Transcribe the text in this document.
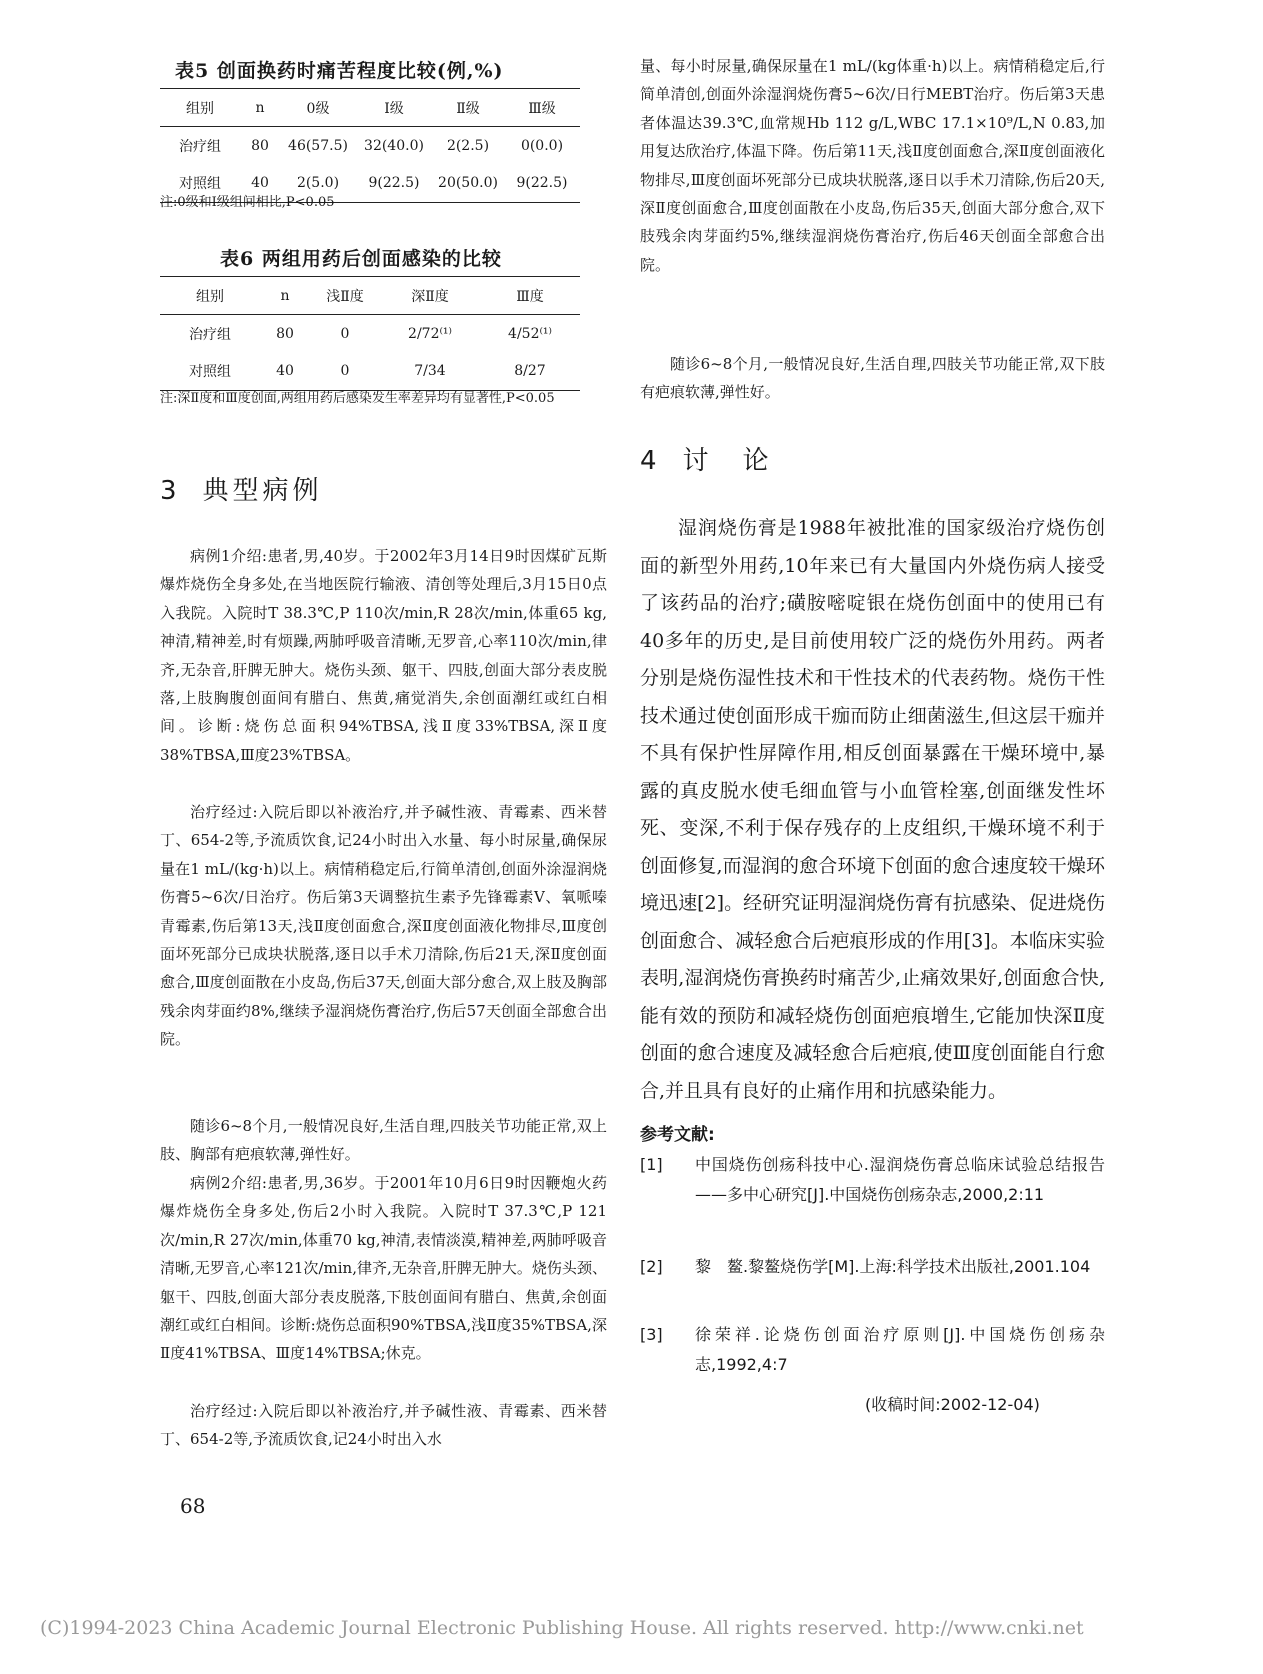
表5 创面换药时痛苦程度比较(例,%)
组别	n	0级	Ⅰ级	Ⅱ级	Ⅲ级
治疗组	80	46(57.5)	32(40.0)	2(2.5)	0(0.0)
对照组	40	2(5.0)	9(22.5)	20(50.0)	9(22.5)
注:0级和Ⅰ级组间相比,P<0.05
表6 两组用药后创面感染的比较
组别	n	浅Ⅱ度	深Ⅱ度	Ⅲ度
治疗组	80	0	2/72⁽¹⁾	4/52⁽¹⁾
对照组	40	0	7/34	8/27
注:深Ⅱ度和Ⅲ度创面,两组用药后感染发生率差异均有显著性,P<0.05
3 典型病例

病例1介绍:患者,男,40岁。于2002年3月14日9时因煤矿瓦斯爆炸烧伤全身多处,在当地医院行输液、清创等处理后,3月15日0点入我院。入院时T 38.3℃,P 110次/min,R 28次/min,体重65 kg,神清,精神差,时有烦躁,两肺呼吸音清晰,无罗音,心率110次/min,律齐,无杂音,肝脾无肿大。烧伤头颈、躯干、四肢,创面大部分表皮脱落,上肢胸腹创面间有腊白、焦黄,痛觉消失,余创面潮红或红白相间。诊断:烧伤总面积94%TBSA,浅Ⅱ度33%TBSA,深Ⅱ度38%TBSA,Ⅲ度23%TBSA。

治疗经过:入院后即以补液治疗,并予碱性液、青霉素、西米替丁、654-2等,予流质饮食,记24小时出入水量、每小时尿量,确保尿量在1 mL/(kg·h)以上。病情稍稳定后,行简单清创,创面外涂湿润烧伤膏5~6次/日治疗。伤后第3天调整抗生素予先锋霉素V、氧哌嗪青霉素,伤后第13天,浅Ⅱ度创面愈合,深Ⅱ度创面液化物排尽,Ⅲ度创面坏死部分已成块状脱落,逐日以手术刀清除,伤后21天,深Ⅱ度创面愈合,Ⅲ度创面散在小皮岛,伤后37天,创面大部分愈合,双上肢及胸部残余肉芽面约8%,继续予湿润烧伤膏治疗,伤后57天创面全部愈合出院。

随诊6~8个月,一般情况良好,生活自理,四肢关节功能正常,双上肢、胸部有疤痕软薄,弹性好。

病例2介绍:患者,男,36岁。于2001年10月6日9时因鞭炮火药爆炸烧伤全身多处,伤后2小时入我院。入院时T 37.3℃,P 121次/min,R 27次/min,体重70 kg,神清,表情淡漠,精神差,两肺呼吸音清晰,无罗音,心率121次/min,律齐,无杂音,肝脾无肿大。烧伤头颈、躯干、四肢,创面大部分表皮脱落,下肢创面间有腊白、焦黄,余创面潮红或红白相间。诊断:烧伤总面积90%TBSA,浅Ⅱ度35%TBSA,深Ⅱ度41%TBSA、Ⅲ度14%TBSA;休克。

治疗经过:入院后即以补液治疗,并予碱性液、青霉素、西米替丁、654-2等,予流质饮食,记24小时出入水

68

量、每小时尿量,确保尿量在1 mL/(kg体重·h)以上。病情稍稳定后,行简单清创,创面外涂湿润烧伤膏5~6次/日行MEBT治疗。伤后第3天患者体温达39.3℃,血常规Hb 112 g/L,WBC 17.1×10⁹/L,N 0.83,加用复达欣治疗,体温下降。伤后第11天,浅Ⅱ度创面愈合,深Ⅱ度创面液化物排尽,Ⅲ度创面坏死部分已成块状脱落,逐日以手术刀清除,伤后20天,深Ⅱ度创面愈合,Ⅲ度创面散在小皮岛,伤后35天,创面大部分愈合,双下肢残余肉芽面约5%,继续湿润烧伤膏治疗,伤后46天创面全部愈合出院。

随诊6~8个月,一般情况良好,生活自理,四肢关节功能正常,双下肢有疤痕软薄,弹性好。

4 讨　论

湿润烧伤膏是1988年被批准的国家级治疗烧伤创面的新型外用药,10年来已有大量国内外烧伤病人接受了该药品的治疗;磺胺嘧啶银在烧伤创面中的使用已有40多年的历史,是目前使用较广泛的烧伤外用药。两者分别是烧伤湿性技术和干性技术的代表药物。烧伤干性技术通过使创面形成干痂而防止细菌滋生,但这层干痂并不具有保护性屏障作用,相反创面暴露在干燥环境中,暴露的真皮脱水使毛细血管与小血管栓塞,创面继发性坏死、变深,不利于保存残存的上皮组织,干燥环境不利于创面修复,而湿润的愈合环境下创面的愈合速度较干燥环境迅速[2]。经研究证明湿润烧伤膏有抗感染、促进烧伤创面愈合、减轻愈合后疤痕形成的作用[3]。本临床实验表明,湿润烧伤膏换药时痛苦少,止痛效果好,创面愈合快,能有效的预防和减轻烧伤创面疤痕增生,它能加快深Ⅱ度创面的愈合速度及减轻愈合后疤痕,使Ⅲ度创面能自行愈合,并且具有良好的止痛作用和抗感染能力。

参考文献:
[1] 中国烧伤创疡科技中心.湿润烧伤膏总临床试验总结报告——多中心研究[J].中国烧伤创疡杂志,2000,2:11
[2] 黎　鳌.黎鳌烧伤学[M].上海:科学技术出版社,2001.104
[3] 徐荣祥.论烧伤创面治疗原则[J].中国烧伤创疡杂志,1992,4:7
(收稿时间:2002-12-04)
(C)1994-2023 China Academic Journal Electronic Publishing House. All rights reserved. http://www.cnki.net
